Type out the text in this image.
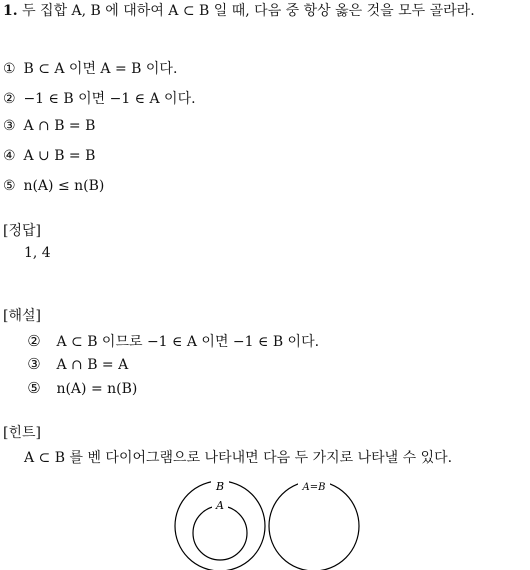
1. 두 집합 A, B 에 대하여 A ⊂ B 일 때, 다음 중 항상 옳은 것을 모두 골라라.
① B ⊂ A 이면 A = B 이다.
② −1 ∈ B 이면 −1 ∈ A 이다.
③ A ∩ B = B
④ A ∪ B = B
⑤ n(A) ≤ n(B)
[정답]
1, 4
[해설]
② A ⊂ B 이므로 −1 ∈ A 이면 −1 ∈ B 이다.
③ A ∩ B = A
⑤ n(A) = n(B)
[힌트]
A ⊂ B 를 벤 다이어그램으로 나타내면 다음 두 가지로 나타낼 수 있다.
B
A
A=B
